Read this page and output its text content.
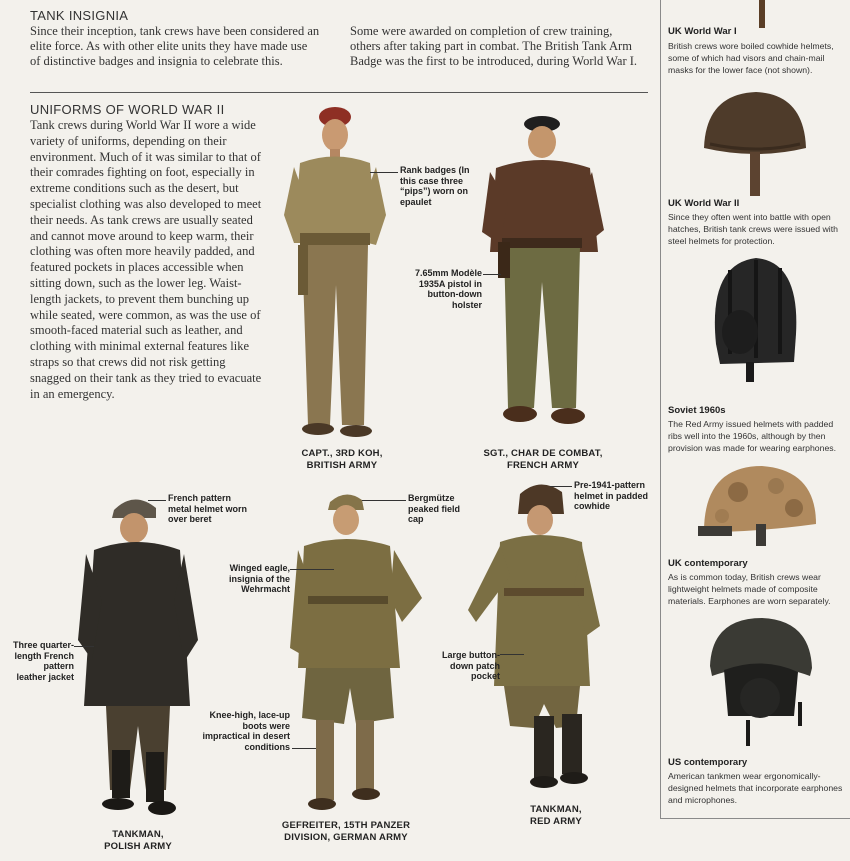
TANK INSIGNIA
Since their inception, tank crews have been considered an elite force. As with other elite units they have made use of distinctive badges and insignia to celebrate this.
Some were awarded on completion of crew training, others after taking part in combat. The British Tank Arm Badge was the first to be introduced, during World War I.
UNIFORMS OF WORLD WAR II
Tank crews during World War II wore a wide variety of uniforms, depending on their environment. Much of it was similar to that of their comrades fighting on foot, especially in extreme conditions such as the desert, but specialist clothing was also developed to meet their needs. As tank crews are usually seated and cannot move around to keep warm, their clothing was often more heavily padded, and featured pockets in places accessible when sitting down, such as the lower leg. Waist-length jackets, to prevent them bunching up while seated, were common, as was the use of smooth-faced material such as leather, and clothing with minimal external features like straps so that crews did not risk getting snagged on their tank as they tried to evacuate in an emergency.
CAPT., 3RD KOH,
BRITISH ARMY
Rank badges (In this case three “pips”) worn on epaulet
SGT., CHAR DE COMBAT,
FRENCH ARMY
7.65mm Modèle 1935A pistol in button-down holster
TANKMAN,
POLISH ARMY
French pattern metal helmet worn over beret
Three quarter-length French pattern leather jacket
GEFREITER, 15TH PANZER
DIVISION, GERMAN ARMY
Bergmütze peaked field cap
Winged eagle, insignia of the Wehrmacht
Knee-high, lace-up boots were impractical in desert conditions
TANKMAN,
RED ARMY
Pre-1941-pattern helmet in padded cowhide
Large button-down patch pocket
UK World War I
British crews wore boiled cowhide helmets, some of which had visors and chain-mail masks for the lower face (not shown).
UK World War II
Since they often went into battle with open hatches, British tank crews were issued with steel helmets for protection.
Soviet 1960s
The Red Army issued helmets with padded ribs well into the 1960s, although by then provision was made for wearing earphones.
UK contemporary
As is common today, British crews wear lightweight helmets made of composite materials. Earphones are worn separately.
US contemporary
American tankmen wear ergonomically-designed helmets that incorporate earphones and microphones.
